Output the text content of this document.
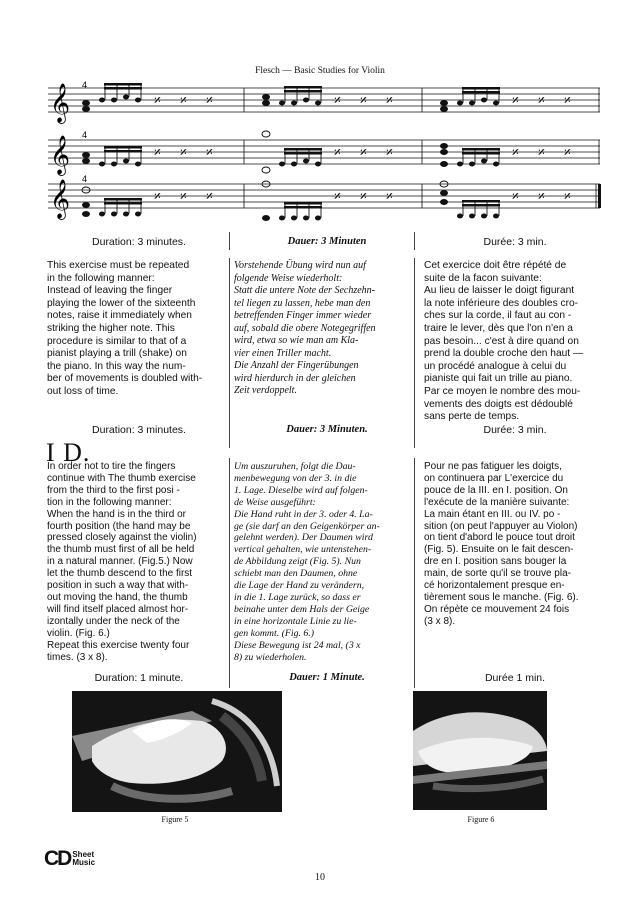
Flesch — Basic Studies for Violin
𝄞 4
𝄎 𝄎 𝄎	𝄎 𝄎 𝄎	𝄎 𝄎 𝄎
𝄞 4
𝄎 𝄎 𝄎	𝄎 𝄎 𝄎	𝄎 𝄎 𝄎
𝄞 4
𝄎 𝄎 𝄎	𝄎 𝄎 𝄎	𝄎 𝄎 𝄎
Duration: 3 minutes.	Dauer: 3 Minuten	Durée: 3 min.

This exercise must be repeated

in the following manner:

Instead of leaving the finger

playing the lower of the sixteenth

notes, raise it immediately when

striking the higher note. This

procedure is similar to that of a

pianist playing a trill (shake) on

the piano. In this way the num-

ber of movements is doubled with-

out loss of time.

Vorstehende Übung wird nun auf

folgende Weise wiederholt:

Statt die untere Note der Sechzehn-

tel liegen zu lassen, hebe man den

betreffenden Finger immer wieder

auf, sobald die obere Notegegriffen

wird, etwa so wie man am Kla-

vier einen Triller macht.

Die Anzahl der Fingerübungen

wird hierdurch in der gleichen

Zeit verdoppelt.

Cet exercice doit être répété de

suite de la facon suivante:

Au lieu de laisser le doigt figurant

la note inférieure des doubles cro-

ches sur la corde, il faut au con -

traire le lever, dès que l'on n'en a

pas besoin... c'est à dire quand on

prend la double croche den haut —

un procédé analogue à celui du

pianiste qui fait un trille au piano.

Par ce moyen le nombre des mou-

vements des doigts est dédoublé

sans perte de temps.

Duration: 3 minutes.	Dauer: 3 Minuten.	Durée: 3 min.
I D.

In order not to tire the fingers

continue with The thumb exercise

from the third to the first posi -

tion in the following manner:

When the hand is in the third or

fourth position (the hand may be

pressed closely against the violin)

the thumb must first of all be held

in a natural manner. (Fig.5.) Now

let the thumb descend to the first

position in such a way that with-

out moving the hand, the thumb

will find itself placed almost hor-

izontally under the neck of the

violin. (Fig. 6.)

Repeat this exercise twenty four

times. (3 x 8).

Um auszuruhen, folgt die Dau-

menbewegung von der 3. in die

1. Lage. Dieselbe wird auf folgen-

de Weise ausgeführt:

Die Hand ruht in der 3. oder 4. La-

ge (sie darf an den Geigenkörper an-

gelehnt werden). Der Daumen wird

vertical gehalten, wie untenstehen-

de Abbildung zeigt (Fig. 5). Nun

schiebt man den Daumen, ohne

die Lage der Hand zu verändern,

in die 1. Lage zurück, so dass er

beinahe unter dem Hals der Geige

in eine horizontale Linie zu lie-

gen kommt. (Fig. 6.)

Diese Bewegung ist 24 mal, (3 x

8) zu wiederholen.

Pour ne pas fatiguer les doigts,

on continuera par L'exercice du

pouce de la III. en I. position. On

l'exécute de la manière suivante:

La main étant en III. ou IV. po -

sition (on peut l'appuyer au Violon)

on tient d'abord le pouce tout droit

(Fig. 5). Ensuite on le fait descen-

dre en I. position sans bouger la

main, de sorte qu'il se trouve pla-

cé horizontalement presque en-

tièrement sous le manche. (Fig. 6).

On répète ce mouvement 24 fois

(3 x 8).

Duration: 1 minute.	Dauer: 1 Minute.	Durée 1 min.
Figure 5	Figure 6
CD Sheet
Music
10
